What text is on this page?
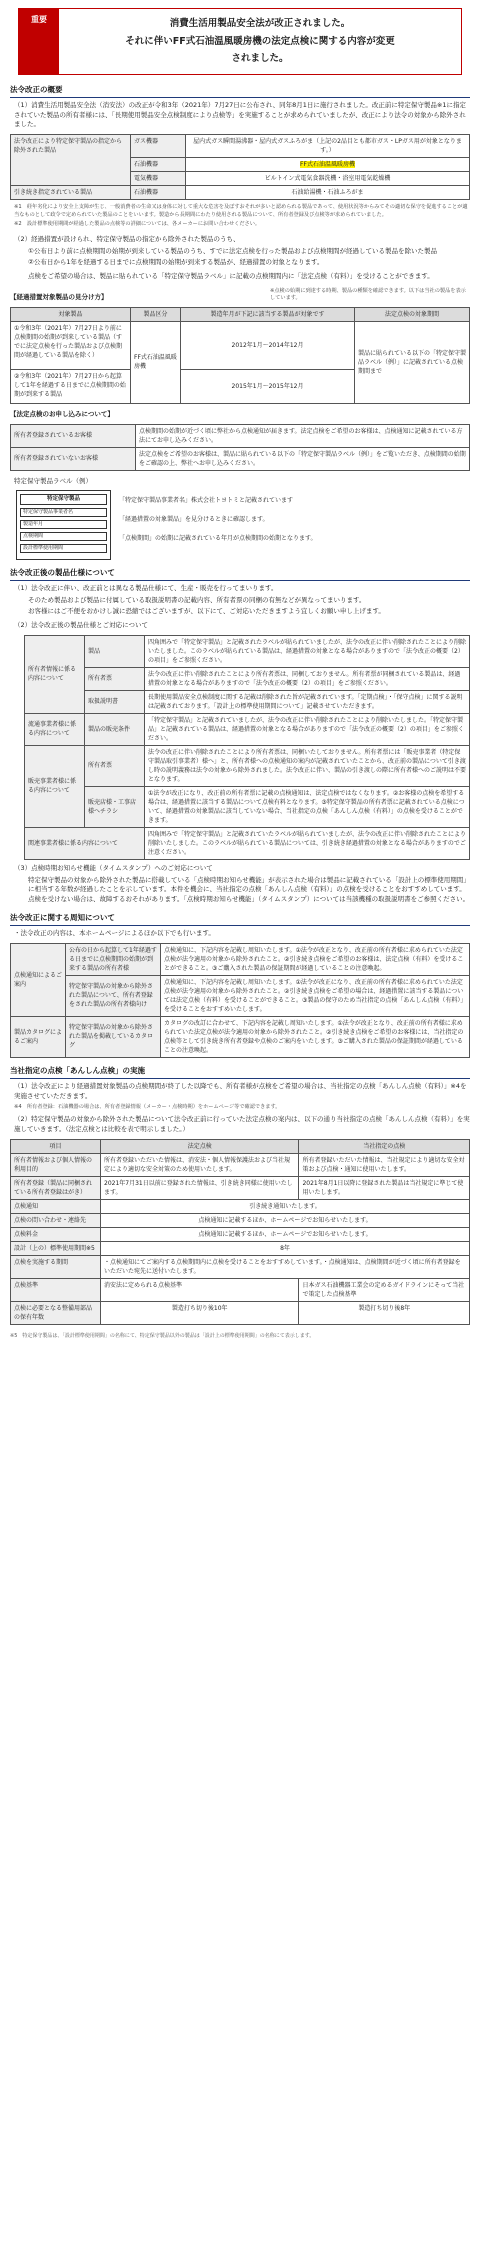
重要	消費生活用製品安全法が改正されました。
それに伴いFF式石油温風暖房機の法定点検に関する内容が変更
されました。
法令改正の概要
（1）消費生活用製品安全法（消安法）の改正が令和3年（2021年）7月27日に公布され、同年8月1日に施行されました。改正前に特定保守製品※1に指定されていた製品の所有者様には、「長期使用製品安全点検制度により点検等」を実施することが求められていましたが、改正により法令の対象から除外されました。
法令改正により特定保守製品の指定から除外された製品	ガス機器	屋内式ガス瞬間湯沸器・屋内式ガスふろがま（上記の2品目とも都市ガス・LPガス用が対象となります。）
	石油機器	FF式石油温風暖房機
	電気機器	ビルトイン式電気食器洗機・浴室用電気乾燥機
引き続き指定されている製品	石油機器	石油給湯機・石油ふろがま
※1　経年劣化により安全上支障が生じ、一般消費者の生命又は身体に対して重大な危害を及ぼすおそれが多いと認められる製品であって、使用状況等からみてその適切な保守を促進することが適当なものとして政令で定められていた製品のことをいいます。製造から長期間にわたり使用される製品について、所有者登録及び点検等が求められていました。
※2　設計標準使用期間が経過した製品の点検等の詳細については、各メーカーにお問い合わせください。
（2）経過措置が設けられ、特定保守製品の指定から除外された製品のうち、
①公布日より前に点検期間の始期が到来している製品のうち、すでに法定点検を行った製品および点検期間が経過している製品を除いた製品
②公布日から1年を経過する日までに点検期間の始期が到来する製品が、経過措置の対象となります。
点検をご希望の場合は、製品に貼られている「特定保守製品ラベル」に記載の点検期間内に「法定点検（有料）」を受けることができます。
【経過措置対象製品の見分け方】
※点検の始期に到達する時期、製品の種類を確認できます。以下は当社の製品を表示しています。
対象製品	製品区分	製造年月が下記に該当する製品が対象です	法定点検の対象期間
①令和3年（2021年）7月27日より前に点検期間の始期が到来している製品（すでに法定点検を行った製品および点検期間が経過している製品を除く）	FF式石油温風暖房機	2012年1月～2014年12月	製品に貼られている以下の「特定保守製品ラベル（例）」に記載されている点検期間まで
②令和3年（2021年）7月27日から起算して1年を経過する日までに点検期間の始期が到来する製品		2015年1月～2015年12月	
【法定点検のお申し込みについて】
所有者登録されているお客様	点検期間の始期が近づく頃に弊社から点検通知が届きます。法定点検をご希望のお客様は、点検通知に記載されている方法にてお申し込みください。
所有者登録されていないお客様	法定点検をご希望のお客様は、製品に貼られている以下の「特定保守製品ラベル（例）」をご覧いただき、点検期間の始期をご確認の上、弊社へお申し込みください。
特定保守製品ラベル（例）
特定保守製品
特定保守製品事業者名
製造年月
点検期間
設計標準使用期間
「特定保守製品事業者名」株式会社トヨトミと記載されています
「経過措置の対象製品」を見分けるときに確認します。
「点検期間」の始期に記載されている年月が点検期間の始期となります。
法令改正後の製品仕様について
（1）法令改正に伴い、改正前とは異なる製品仕様にて、生産・販売を行ってまいります。
そのため製品および製品に付属している取扱説明書の記載内容、所有者票の同梱の有無などが異なってまいります。
お客様にはご不便をおかけし誠に恐縮ではございますが、以下にて、ご対応いただきますよう宜しくお願い申し上げます。
（2）法令改正後の製品仕様とご対応について
所有者情報に係る内容について	製品	四角囲みで「特定保守製品」と記載されたラベルが貼られていましたが、法令の改正に伴い削除されたことにより削除いたしました。このラベルが貼られている製品は、経過措置の対象となる場合がありますので「法令改正の概要（2）の項目」をご参照ください。
	所有者票	法令の改正に伴い削除されたことにより所有者票は、同梱しておりません。所有者票が同梱されている製品は、経過措置の対象となる場合がありますので「法令改正の概要（2）の項目」をご参照ください。
	取扱説明書	長期使用製品安全点検制度に関する記載は削除された旨が記載されています。「定期点検」・「保守点検」に関する説明は記載されております。「設計上の標準使用期間について」記載させていただきます。
流通事業者様に係る内容について	製品の販売条件	「特定保守製品」と記載されていましたが、法令の改正に伴い削除されたことにより削除いたしました。「特定保守製品」と記載されている製品は、経過措置の対象となる場合がありますので「法令改正の概要（2）の項目」をご参照ください。
販売事業者様に係る内容について	所有者票	法令の改正に伴い削除されたことにより所有者票は、同梱いたしておりません。所有者票には「販売事業者（特定保守製品取引事業者）様へ」と、所有者様への点検通知の案内が記載されていたことから、改正前の製品について引き渡し時の説明義務は法令の対象から除外されました。法令改正に伴い、製品の引き渡しの際に所有者様へのご説明は不要となります。
	販売店様・工事店様へチラシ	①法令が改正になり、改正前の所有者票に記載の点検通知は、法定点検ではなくなります。②お客様の点検を希望する場合は、経過措置に該当する製品について点検有料となります。③特定保守製品の所有者票に記載されている点検について、経過措置の対象製品に該当していない場合、当社指定の点検「あんしん点検（有料）」の点検を受けることができます。
関連事業者様に係る内容について		四角囲みで「特定保守製品」と記載されていたラベルが貼られていましたが、法令の改正に伴い削除されたことにより削除いたしました。このラベルが貼られている製品については、引き続き経過措置の対象となる場合がありますのでご注意ください。
（3）点検時期お知らせ機能（タイムスタンプ）へのご対応について
特定保守製品の対象から除外された製品に搭載している「点検時期お知らせ機能」が表示された場合は製品に記載されている「設計上の標準使用期間」に相当する年数が経過したことを示しています。本件を機会に、当社指定の点検「あんしん点検（有料）」の点検を受けることをおすすめしています。点検を受けない場合は、故障するおそれがあります。「点検時期お知らせ機能」（タイムスタンプ）については当該機種の取扱説明書をご参照ください。
法令改正に関する周知について
・法令改正の内容は、本ホームページによるほか以下でも行います。
点検通知によるご案内	公布の日から起算して1年経過する日までに点検期間の始期が到来する製品の所有者様	点検通知に、下記内容を記載し周知いたします。①法令が改正となり、改正前の所有者様に求められていた法定点検が法令適用の対象から除外されたこと。②引き続き点検をご希望のお客様は、法定点検（有料）を受けることができること。③ご購入された製品の保証期間が経過していることの注意喚起。
	特定保守製品の対象から除外された製品について、所有者登録をされた製品の所有者様向け	点検通知に、下記内容を記載し周知いたします。①法令が改正になり、改正前の所有者様に求められていた法定点検が法令適用の対象から除外されたこと。②引き続き点検をご希望の場合は、経過措置に該当する製品については法定点検（有料）を受けることができること。③製品の保守のため当社指定の点検「あんしん点検（有料）」を受けることをおすすめいたします。
製品カタログによるご案内	特定保守製品の対象から除外された製品を掲載しているカタログ	カタログの改訂に合わせて、下記内容を記載し周知いたします。①法令が改正となり、改正前の所有者様に求められていた法定点検が法令適用の対象から除外されたこと。②引き続き点検をご希望のお客様には、当社指定の点検等として引き続き所有者登録や点検のご案内をいたします。③ご購入された製品の保証期間が経過していることの注意喚起。
当社指定の点検「あんしん点検」の実施
（1）法令改正により経過措置対象製品の点検期間が終了した以降でも、所有者様が点検をご希望の場合は、当社指定の点検「あんしん点検（有料）」※4を実施させていただきます。
※4　所有者登録：石油機器の場合は、所有者登録情報（メーカー・点検時期）をホームページ等で確認できます。
（2）特定保守製品の対象から除外された製品について法令改正前に行っていた法定点検の案内は、以下の通り当社指定の点検「あんしん点検（有料）」を実施していきます。（法定点検とは比較を表で明示しました。）
項目	法定点検	当社指定の点検
所有者情報および個人情報の利用目的	所有者登録いただいた情報は、消安法・個人情報保護法および当社規定により適切な安全対策のため使用いたします。	所有者登録いただいた情報は、当社規定により適切な安全対策および点検・通知に使用いたします。
所有者登録（製品に同梱されている所有者登録はがき）	2021年7月31日以前に登録された情報は、引き続き同様に使用いたします。	2021年8月1日以降に登録された製品は当社規定に準じて使用いたします。
点検通知	引き続き通知いたします。	
点検の問い合わせ・連絡先	点検通知に記載するほか、ホームページでお知らせいたします。	
点検料金	点検通知に記載するほか、ホームページでお知らせいたします。	
設計（上の）標準使用期間※5	8年	
点検を実施する期間	・点検通知にてご案内する点検期間内に点検を受けることをおすすめしています。・点検通知は、点検期間が近づく頃に所有者登録をいただいた宛先に送付いたします。	
点検基準	消安法に定められる点検基準	日本ガス石油機器工業会の定めるガイドラインにそって当社で策定した点検基準
点検に必要となる整備用部品の保有年数	製造打ち切り後10年	製造打ち切り後8年
※5　特定保守製品は、「設計標準使用期間」の名称にて、特定保守製品以外の製品は「設計上の標準使用期間」の名称にて表示します。
